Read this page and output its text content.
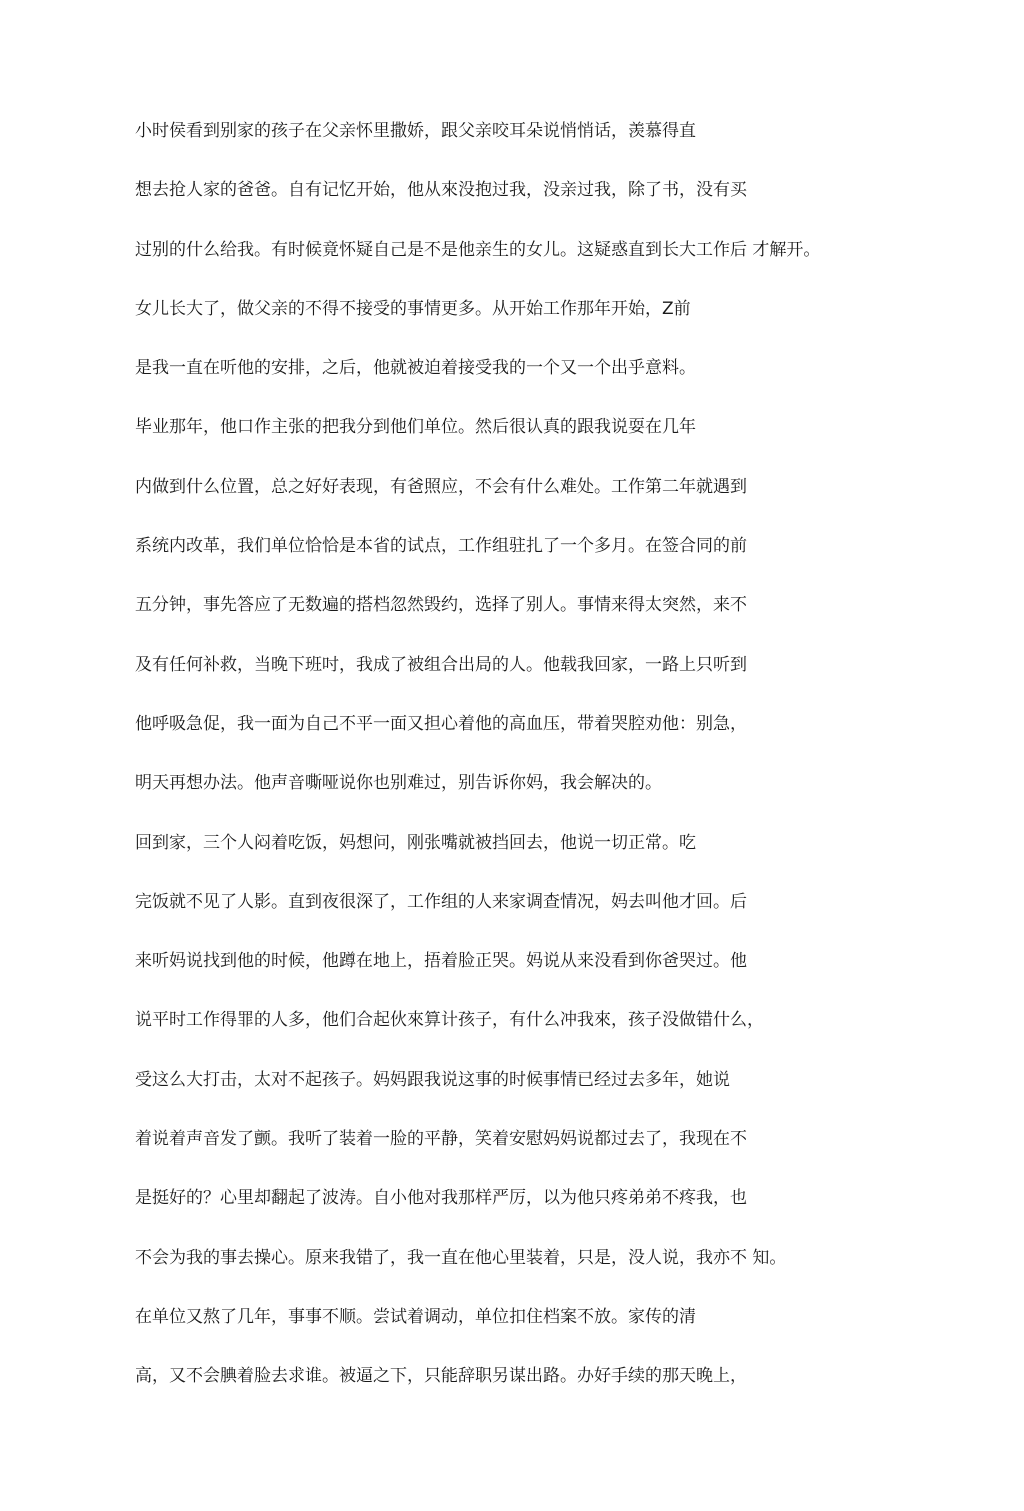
小时侯看到别家的孩子在父亲怀里撒娇，跟父亲咬耳朵说悄悄话，羡慕得直
想去抢人家的爸爸。自有记忆开始，他从來没抱过我，没亲过我，除了书，没有买
过别的什么给我。有时候竟怀疑自己是不是他亲生的女儿。这疑惑直到长大工作后 才解开。
女儿长大了，做父亲的不得不接受的事情更多。从开始工作那年开始，Z前
是我一直在听他的安排，之后，他就被迫着接受我的一个又一个出乎意料。
毕业那年，他口作主张的把我分到他们单位。然后很认真的跟我说耍在几年
内做到什么位置，总之好好表现，有爸照应，不会有什么难处。工作第二年就遇到
系统内改革，我们单位恰恰是本省的试点，工作组驻扎了一个多月。在签合同的前
五分钟，事先答应了无数遍的搭档忽然毁约，选择了别人。事情来得太突然，来不
及有任何补救，当晚下班吋，我成了被组合出局的人。他载我回家，一路上只听到
他呼吸急促，我一面为自己不平一面又担心着他的高血压，带着哭腔劝他：别急，
明天再想办法。他声音嘶哑说你也别难过，别告诉你妈，我会解决的。
回到家，三个人闷着吃饭，妈想问，刚张嘴就被挡回去，他说一切正常。吃
完饭就不见了人影。直到夜很深了，工作组的人来家调查情况，妈去叫他才回。后
来听妈说找到他的时候，他蹲在地上，捂着脸正哭。妈说从来没看到你爸哭过。他
说平时工作得罪的人多，他们合起伙來算计孩子，有什么冲我來，孩子没做错什么，
受这么大打击，太对不起孩子。妈妈跟我说这事的时候事情已经过去多年，她说
着说着声音发了颤。我听了装着一脸的平静，笑着安慰妈妈说都过去了，我现在不
是挺好的？心里却翻起了波涛。自小他对我那样严厉，以为他只疼弟弟不疼我，也
不会为我的事去操心。原来我错了，我一直在他心里装着，只是，没人说，我亦不 知。
在单位又熬了几年，事事不顺。尝试着调动，单位扣住档案不放。家传的清
高，又不会腆着脸去求谁。被逼之下，只能辞职另谋出路。办好手续的那天晚上，
